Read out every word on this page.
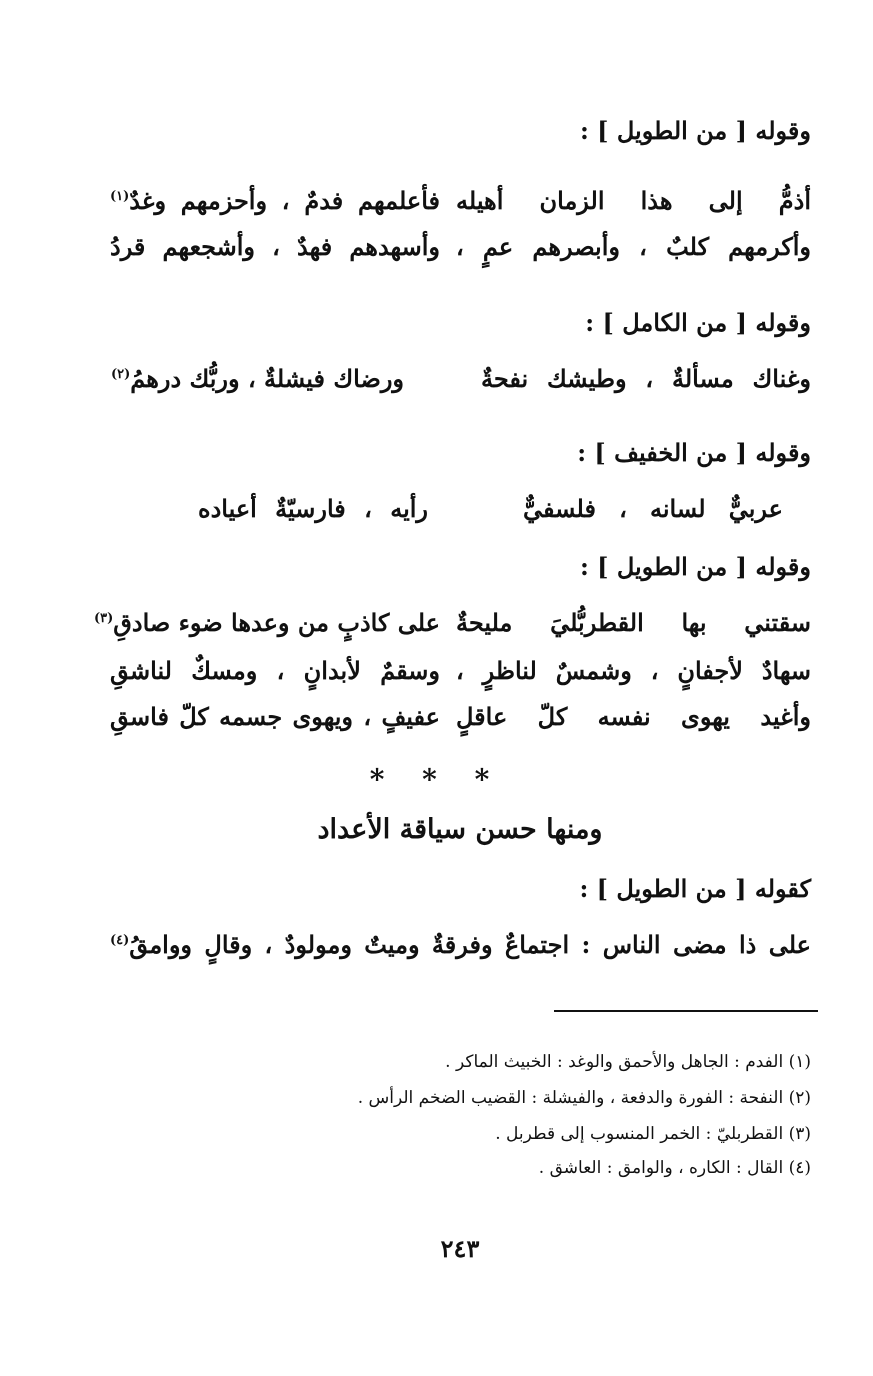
وقوله [ من الطويل ] :
أذمُّ إلى هذا الزمان أهيله
فأعلمهم فدمٌ ، وأحزمهم وغدٌ$^{(١)}$
وأكرمهم كلبٌ ، وأبصرهم عمٍ ،
وأسهدهم فهدٌ ، وأشجعهم قردُ
وقوله [ من الكامل ] :
وغناك مسألةٌ ، وطيشك نفحةٌ
ورضاك فيشلةٌ ، وربُّك درهمُ$^{(٢)}$
وقوله [ من الخفيف ] :
عربيٌّ لسانه ، فلسفيٌّ
رأيه ، فارسيّةٌ أعياده
وقوله [ من الطويل ] :
سقتني بها القطربُّليَ مليحةٌ
على كاذبٍ من وعدها ضوء صادقِ$^{(٣)}$
سهادٌ لأجفانٍ ، وشمسٌ لناظرٍ ،
وسقمٌ لأبدانٍ ، ومسكٌ لناشقِ
وأغيد يهوى نفسه كلّ عاقلٍ
عفيفٍ ، ويهوى جسمه كلّ فاسقِ
* * *
ومنها حسن سياقة الأعداد
كقوله [ من الطويل ] :
على ذا مضى الناس : اجتماعٌ وفرقةٌ وميتٌ ومولودٌ ، وقالٍ ووامقُ$^{(٤)}$
(١) الفدم : الجاهل والأحمق والوغد : الخبيث الماكر .
(٢) النفحة : الفورة والدفعة ، والفيشلة : القضيب الضخم الرأس .
(٣) القطربليّ : الخمر المنسوب إلى قطربل .
(٤) القال : الكاره ، والوامق : العاشق .
٢٤٣
